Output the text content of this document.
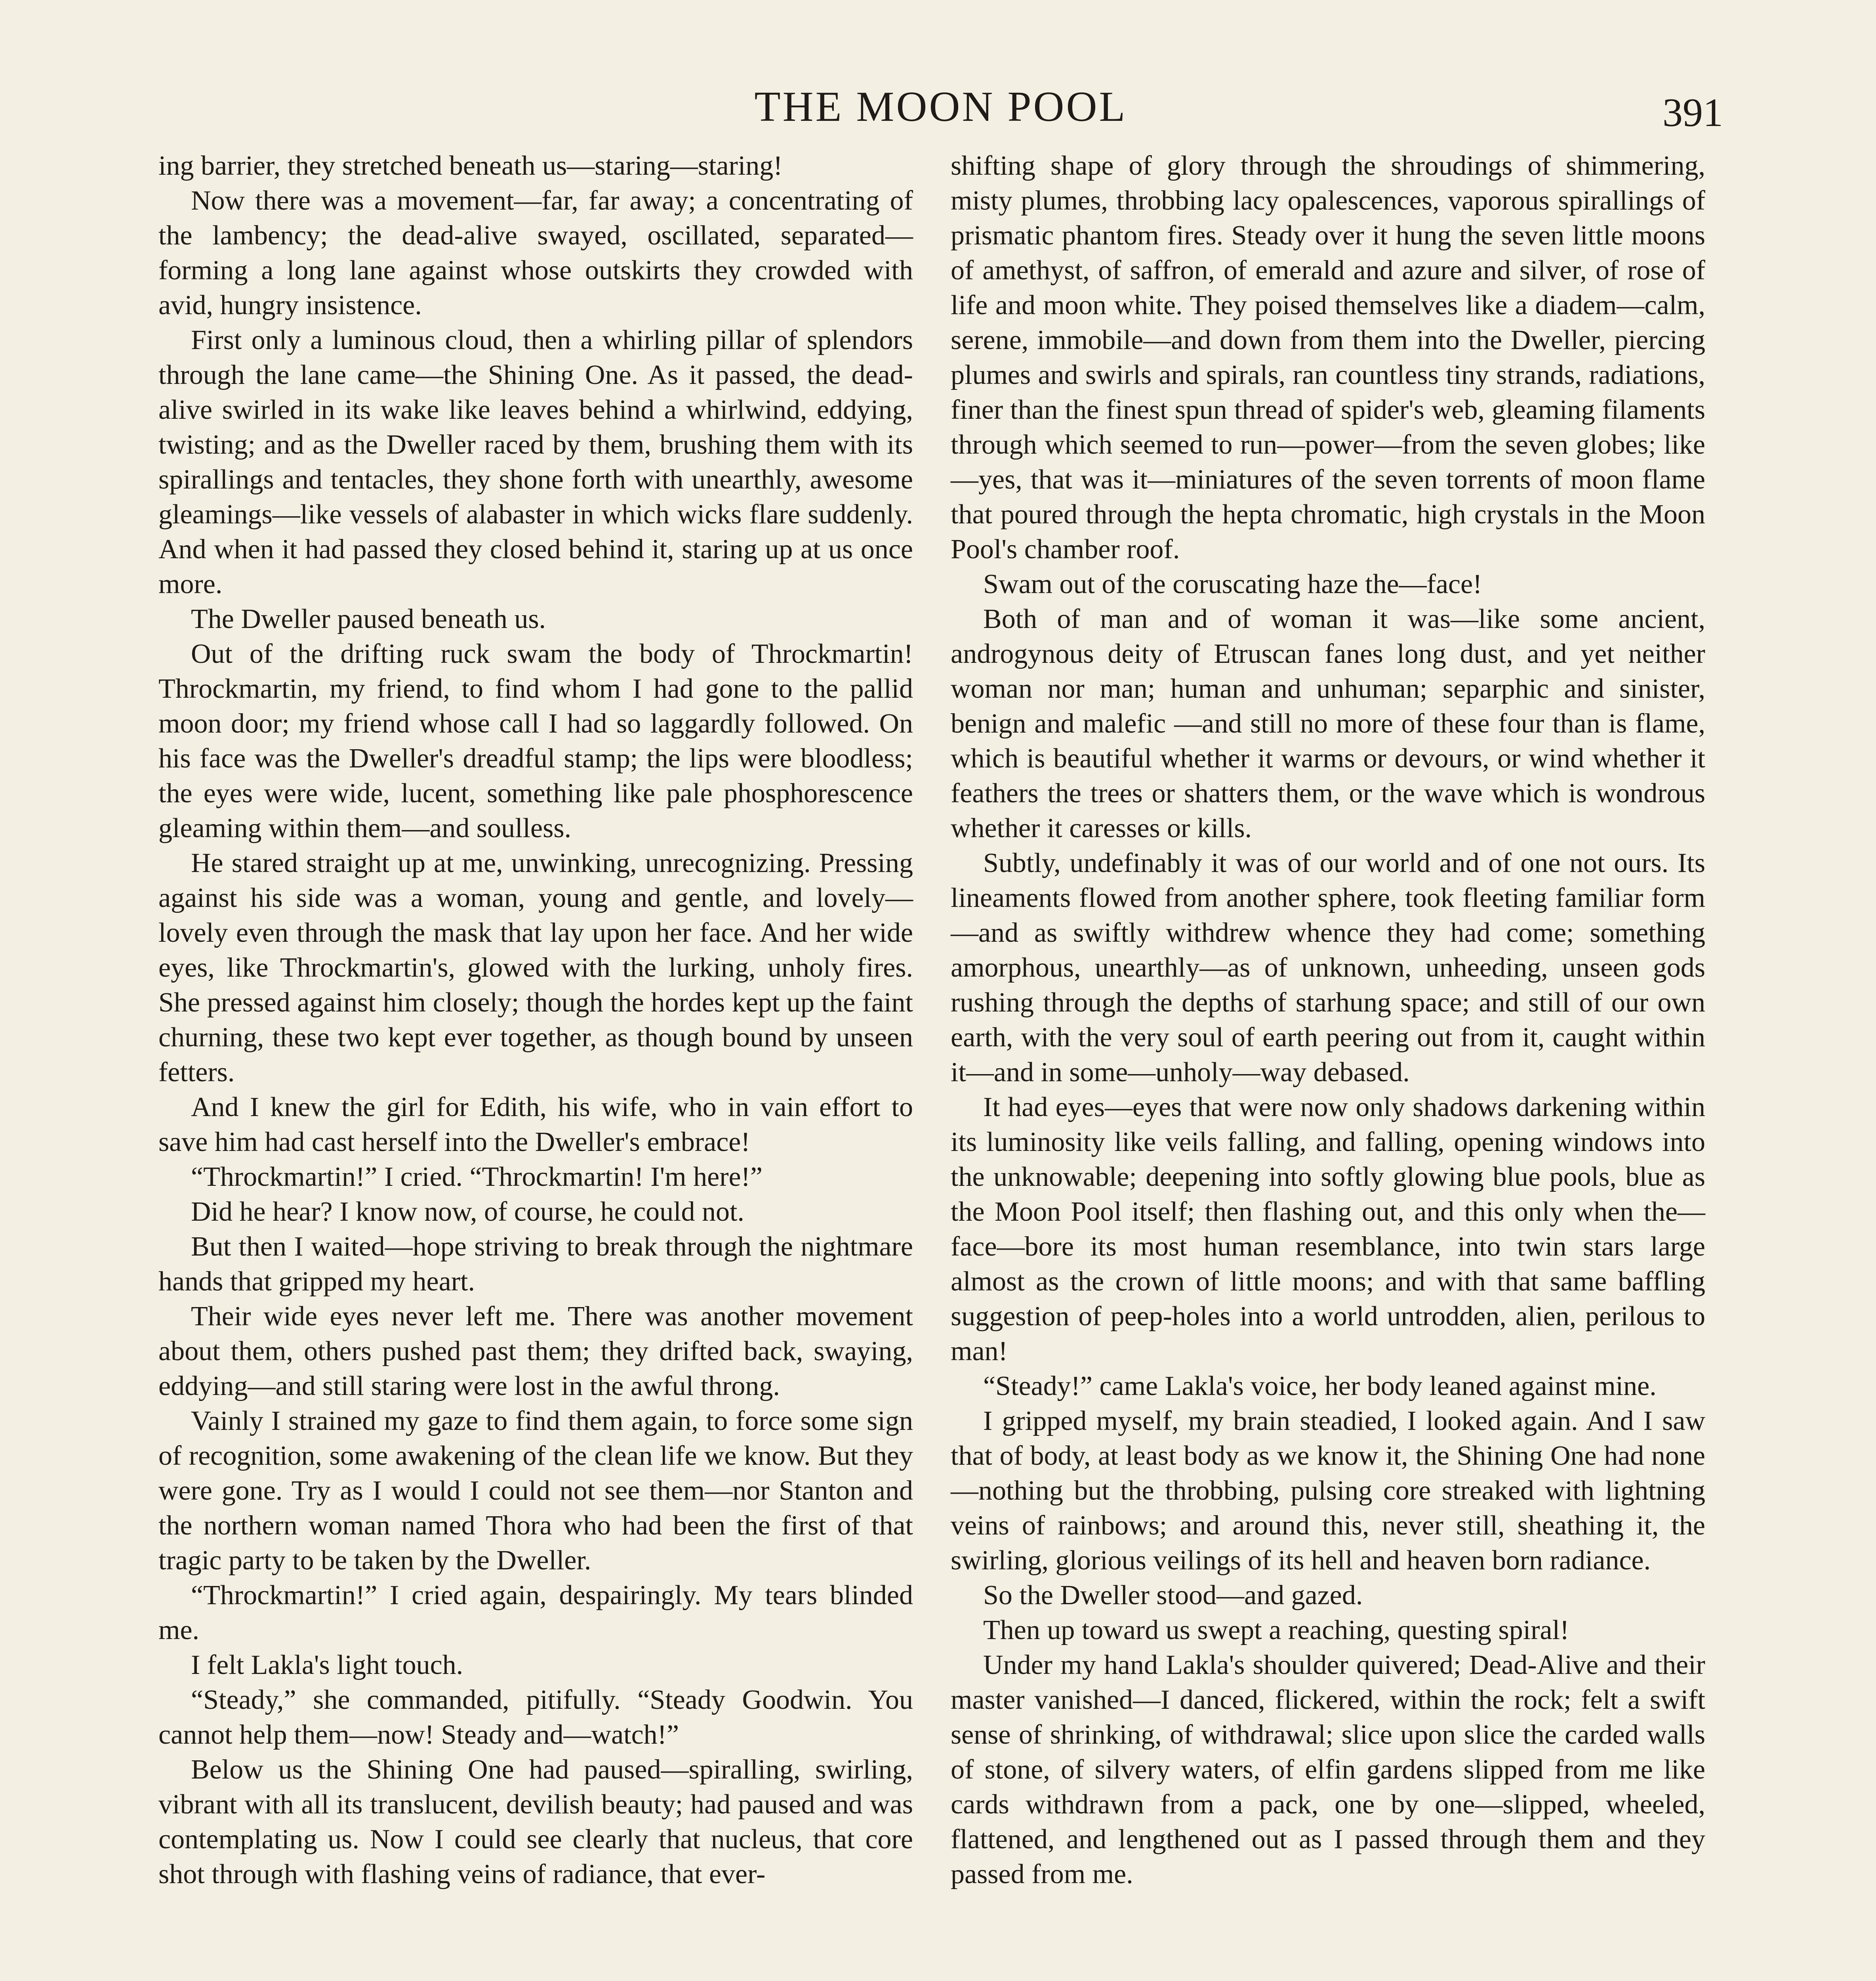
THE MOON POOL	391

ing barrier, they stretched beneath us—staring—staring!

Now there was a movement—far, far away; a concentrating of the lambency; the dead-alive swayed, oscillated, separated—forming a long lane against whose outskirts they crowded with avid, hungry insistence.

First only a luminous cloud, then a whirling pillar of splendors through the lane came—the Shining One. As it passed, the dead-alive swirled in its wake like leaves behind a whirlwind, eddying, twisting; and as the Dweller raced by them, brushing them with its spirallings and tentacles, they shone forth with unearthly, awesome gleamings—like vessels of alabaster in which wicks flare suddenly. And when it had passed they closed behind it, staring up at us once more.

The Dweller paused beneath us.

Out of the drifting ruck swam the body of Throckmartin! Throckmartin, my friend, to find whom I had gone to the pallid moon door; my friend whose call I had so laggardly followed. On his face was the Dweller's dreadful stamp; the lips were bloodless; the eyes were wide, lucent, something like pale phosphorescence gleaming within them—and soulless.

He stared straight up at me, unwinking, unrecognizing. Pressing against his side was a woman, young and gentle, and lovely—lovely even through the mask that lay upon her face. And her wide eyes, like Throckmartin's, glowed with the lurking, unholy fires. She pressed against him closely; though the hordes kept up the faint churning, these two kept ever together, as though bound by unseen fetters.

And I knew the girl for Edith, his wife, who in vain effort to save him had cast herself into the Dweller's embrace!

“Throckmartin!” I cried. “Throckmartin! I'm here!”

Did he hear? I know now, of course, he could not.

But then I waited—hope striving to break through the nightmare hands that gripped my heart.

Their wide eyes never left me. There was another movement about them, others pushed past them; they drifted back, swaying, eddying—and still staring were lost in the awful throng.

Vainly I strained my gaze to find them again, to force some sign of recognition, some awakening of the clean life we know. But they were gone. Try as I would I could not see them—nor Stanton and the northern woman named Thora who had been the first of that tragic party to be taken by the Dweller.

“Throckmartin!” I cried again, despairingly. My tears blinded me.

I felt Lakla's light touch.

“Steady,” she commanded, pitifully. “Steady Goodwin. You cannot help them—now! Steady and—watch!”

Below us the Shining One had paused—spiralling, swirling, vibrant with all its translucent, devilish beauty; had paused and was contemplating us. Now I could see clearly that nucleus, that core shot through with flashing veins of radiance, that ever-

shifting shape of glory through the shroudings of shimmering, misty plumes, throbbing lacy opalescences, vaporous spirallings of prismatic phantom fires. Steady over it hung the seven little moons of amethyst, of saffron, of emerald and azure and silver, of rose of life and moon white. They poised themselves like a diadem—calm, serene, immobile—and down from them into the Dweller, piercing plumes and swirls and spirals, ran countless tiny strands, radiations, finer than the finest spun thread of spider's web, gleaming filaments through which seemed to run—power—from the seven globes; like —yes, that was it—miniatures of the seven torrents of moon flame that poured through the hepta chromatic, high crystals in the Moon Pool's chamber roof.

Swam out of the coruscating haze the—face!

Both of man and of woman it was—like some ancient, androgynous deity of Etruscan fanes long dust, and yet neither woman nor man; human and unhuman; separphic and sinister, benign and malefic —and still no more of these four than is flame, which is beautiful whether it warms or devours, or wind whether it feathers the trees or shatters them, or the wave which is wondrous whether it caresses or kills.

Subtly, undefinably it was of our world and of one not ours. Its lineaments flowed from another sphere, took fleeting familiar form—and as swiftly withdrew whence they had come; something amorphous, unearthly—as of unknown, unheeding, unseen gods rushing through the depths of starhung space; and still of our own earth, with the very soul of earth peering out from it, caught within it—and in some—unholy—way debased.

It had eyes—eyes that were now only shadows darkening within its luminosity like veils falling, and falling, opening windows into the unknowable; deepening into softly glowing blue pools, blue as the Moon Pool itself; then flashing out, and this only when the—face—bore its most human resemblance, into twin stars large almost as the crown of little moons; and with that same baffling suggestion of peep-holes into a world untrodden, alien, perilous to man!

“Steady!” came Lakla's voice, her body leaned against mine.

I gripped myself, my brain steadied, I looked again. And I saw that of body, at least body as we know it, the Shining One had none—nothing but the throbbing, pulsing core streaked with lightning veins of rainbows; and around this, never still, sheathing it, the swirling, glorious veilings of its hell and heaven born radiance.

So the Dweller stood—and gazed.

Then up toward us swept a reaching, questing spiral!

Under my hand Lakla's shoulder quivered; Dead-Alive and their master vanished—I danced, flickered, within the rock; felt a swift sense of shrinking, of withdrawal; slice upon slice the carded walls of stone, of silvery waters, of elfin gardens slipped from me like cards withdrawn from a pack, one by one—slipped, wheeled, flattened, and lengthened out as I passed through them and they passed from me.
